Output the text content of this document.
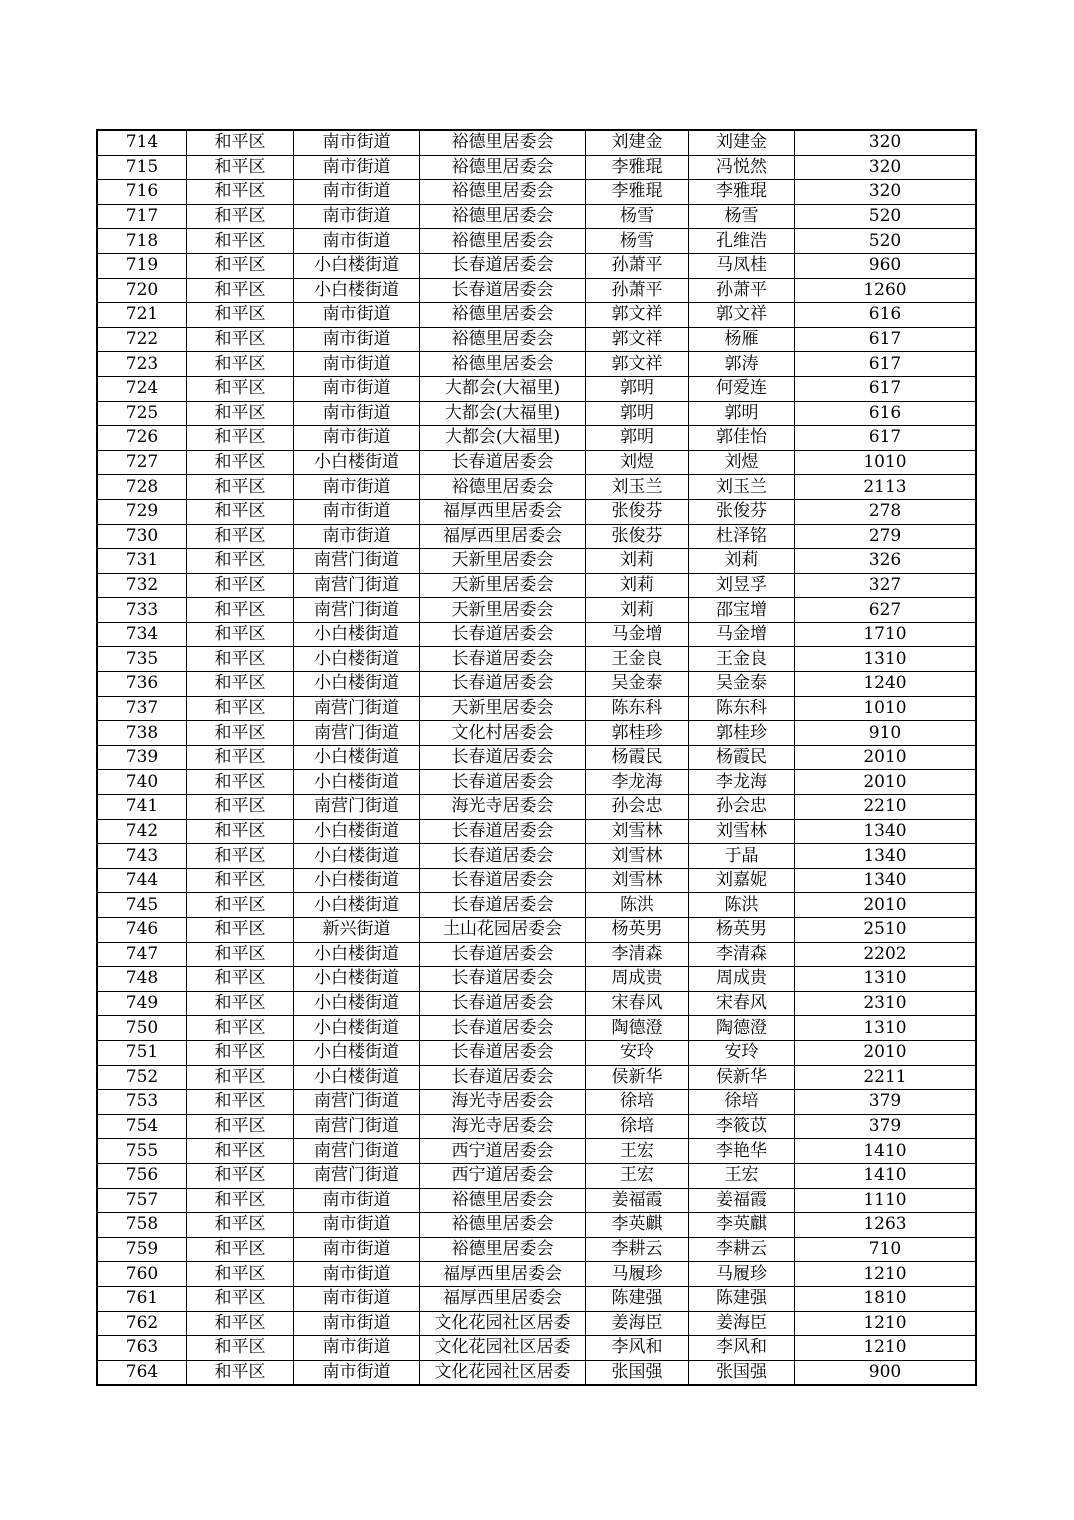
714	和平区	南市街道	裕德里居委会	刘建金	刘建金	320
715	和平区	南市街道	裕德里居委会	李雅琨	冯悦然	320
716	和平区	南市街道	裕德里居委会	李雅琨	李雅琨	320
717	和平区	南市街道	裕德里居委会	杨雪	杨雪	520
718	和平区	南市街道	裕德里居委会	杨雪	孔维浩	520
719	和平区	小白楼街道	长春道居委会	孙萧平	马凤桂	960
720	和平区	小白楼街道	长春道居委会	孙萧平	孙萧平	1260
721	和平区	南市街道	裕德里居委会	郭文祥	郭文祥	616
722	和平区	南市街道	裕德里居委会	郭文祥	杨雁	617
723	和平区	南市街道	裕德里居委会	郭文祥	郭涛	617
724	和平区	南市街道	大都会(大福里)	郭明	何爱连	617
725	和平区	南市街道	大都会(大福里)	郭明	郭明	616
726	和平区	南市街道	大都会(大福里)	郭明	郭佳怡	617
727	和平区	小白楼街道	长春道居委会	刘煜	刘煜	1010
728	和平区	南市街道	裕德里居委会	刘玉兰	刘玉兰	2113
729	和平区	南市街道	福厚西里居委会	张俊芬	张俊芬	278
730	和平区	南市街道	福厚西里居委会	张俊芬	杜泽铭	279
731	和平区	南营门街道	天新里居委会	刘莉	刘莉	326
732	和平区	南营门街道	天新里居委会	刘莉	刘昱孚	327
733	和平区	南营门街道	天新里居委会	刘莉	邵宝增	627
734	和平区	小白楼街道	长春道居委会	马金增	马金增	1710
735	和平区	小白楼街道	长春道居委会	王金良	王金良	1310
736	和平区	小白楼街道	长春道居委会	吴金泰	吴金泰	1240
737	和平区	南营门街道	天新里居委会	陈东科	陈东科	1010
738	和平区	南营门街道	文化村居委会	郭桂珍	郭桂珍	910
739	和平区	小白楼街道	长春道居委会	杨霞民	杨霞民	2010
740	和平区	小白楼街道	长春道居委会	李龙海	李龙海	2010
741	和平区	南营门街道	海光寺居委会	孙会忠	孙会忠	2210
742	和平区	小白楼街道	长春道居委会	刘雪林	刘雪林	1340
743	和平区	小白楼街道	长春道居委会	刘雪林	于晶	1340
744	和平区	小白楼街道	长春道居委会	刘雪林	刘嘉妮	1340
745	和平区	小白楼街道	长春道居委会	陈洪	陈洪	2010
746	和平区	新兴街道	土山花园居委会	杨英男	杨英男	2510
747	和平区	小白楼街道	长春道居委会	李清森	李清森	2202
748	和平区	小白楼街道	长春道居委会	周成贵	周成贵	1310
749	和平区	小白楼街道	长春道居委会	宋春风	宋春风	2310
750	和平区	小白楼街道	长春道居委会	陶德澄	陶德澄	1310
751	和平区	小白楼街道	长春道居委会	安玲	安玲	2010
752	和平区	小白楼街道	长春道居委会	侯新华	侯新华	2211
753	和平区	南营门街道	海光寺居委会	徐培	徐培	379
754	和平区	南营门街道	海光寺居委会	徐培	李筱苡	379
755	和平区	南营门街道	西宁道居委会	王宏	李艳华	1410
756	和平区	南营门街道	西宁道居委会	王宏	王宏	1410
757	和平区	南市街道	裕德里居委会	姜福霞	姜福霞	1110
758	和平区	南市街道	裕德里居委会	李英麒	李英麒	1263
759	和平区	南市街道	裕德里居委会	李耕云	李耕云	710
760	和平区	南市街道	福厚西里居委会	马履珍	马履珍	1210
761	和平区	南市街道	福厚西里居委会	陈建强	陈建强	1810
762	和平区	南市街道	文化花园社区居委	姜海臣	姜海臣	1210
763	和平区	南市街道	文化花园社区居委	李风和	李风和	1210
764	和平区	南市街道	文化花园社区居委	张国强	张国强	900
